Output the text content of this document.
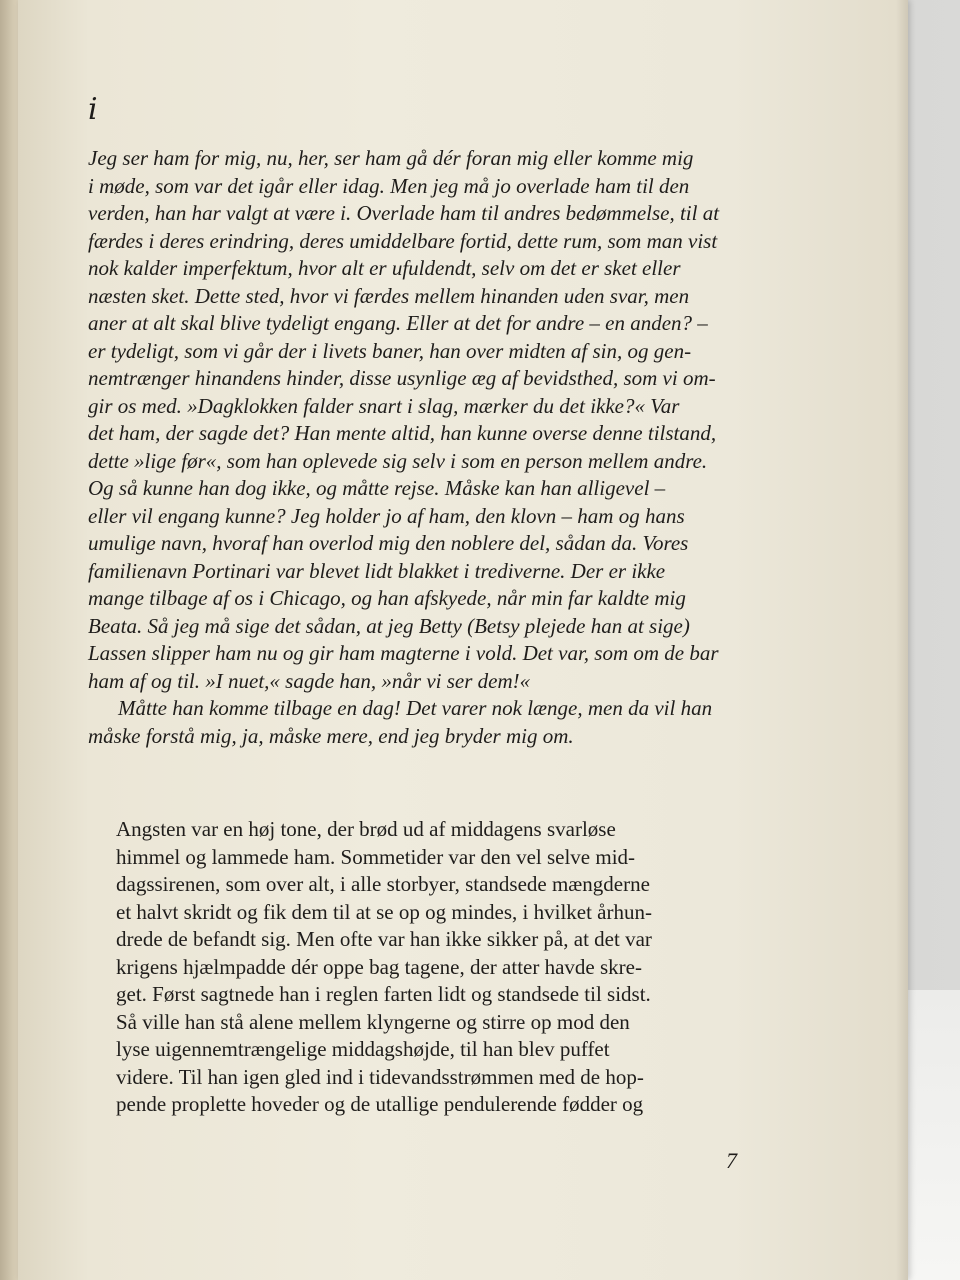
i
Jeg ser ham for mig, nu, her, ser ham gå dér foran mig eller komme mig
i møde, som var det igår eller idag. Men jeg må jo overlade ham til den
verden, han har valgt at være i. Overlade ham til andres bedømmelse, til at
færdes i deres erindring, deres umiddelbare fortid, dette rum, som man vist
nok kalder imperfektum, hvor alt er ufuldendt, selv om det er sket eller
næsten sket. Dette sted, hvor vi færdes mellem hinanden uden svar, men
aner at alt skal blive tydeligt engang. Eller at det for andre – en anden? –
er tydeligt, som vi går der i livets baner, han over midten af sin, og gen-
nemtrænger hinandens hinder, disse usynlige æg af bevidsthed, som vi om-
gir os med. »Dagklokken falder snart i slag, mærker du det ikke?« Var
det ham, der sagde det? Han mente altid, han kunne overse denne tilstand,
dette »lige før«, som han oplevede sig selv i som en person mellem andre.
Og så kunne han dog ikke, og måtte rejse. Måske kan han alligevel –
eller vil engang kunne? Jeg holder jo af ham, den klovn – ham og hans
umulige navn, hvoraf han overlod mig den noblere del, sådan da. Vores
familienavn Portinari var blevet lidt blakket i trediverne. Der er ikke
mange tilbage af os i Chicago, og han afskyede, når min far kaldte mig
Beata. Så jeg må sige det sådan, at jeg Betty (Betsy plejede han at sige)
Lassen slipper ham nu og gir ham magterne i vold. Det var, som om de bar
ham af og til. »I nuet,« sagde han, »når vi ser dem!«
Måtte han komme tilbage en dag! Det varer nok længe, men da vil han
måske forstå mig, ja, måske mere, end jeg bryder mig om.
Angsten var en høj tone, der brød ud af middagens svarløse
himmel og lammede ham. Sommetider var den vel selve mid-
dagssirenen, som over alt, i alle storbyer, standsede mængderne
et halvt skridt og fik dem til at se op og mindes, i hvilket århun-
drede de befandt sig. Men ofte var han ikke sikker på, at det var
krigens hjælmpadde dér oppe bag tagene, der atter havde skre-
get. Først sagtnede han i reglen farten lidt og standsede til sidst.
Så ville han stå alene mellem klyngerne og stirre op mod den
lyse uigennemtrængelige middagshøjde, til han blev puffet
videre. Til han igen gled ind i tidevandsstrømmen med de hop-
pende proplette hoveder og de utallige pendulerende fødder og
7
